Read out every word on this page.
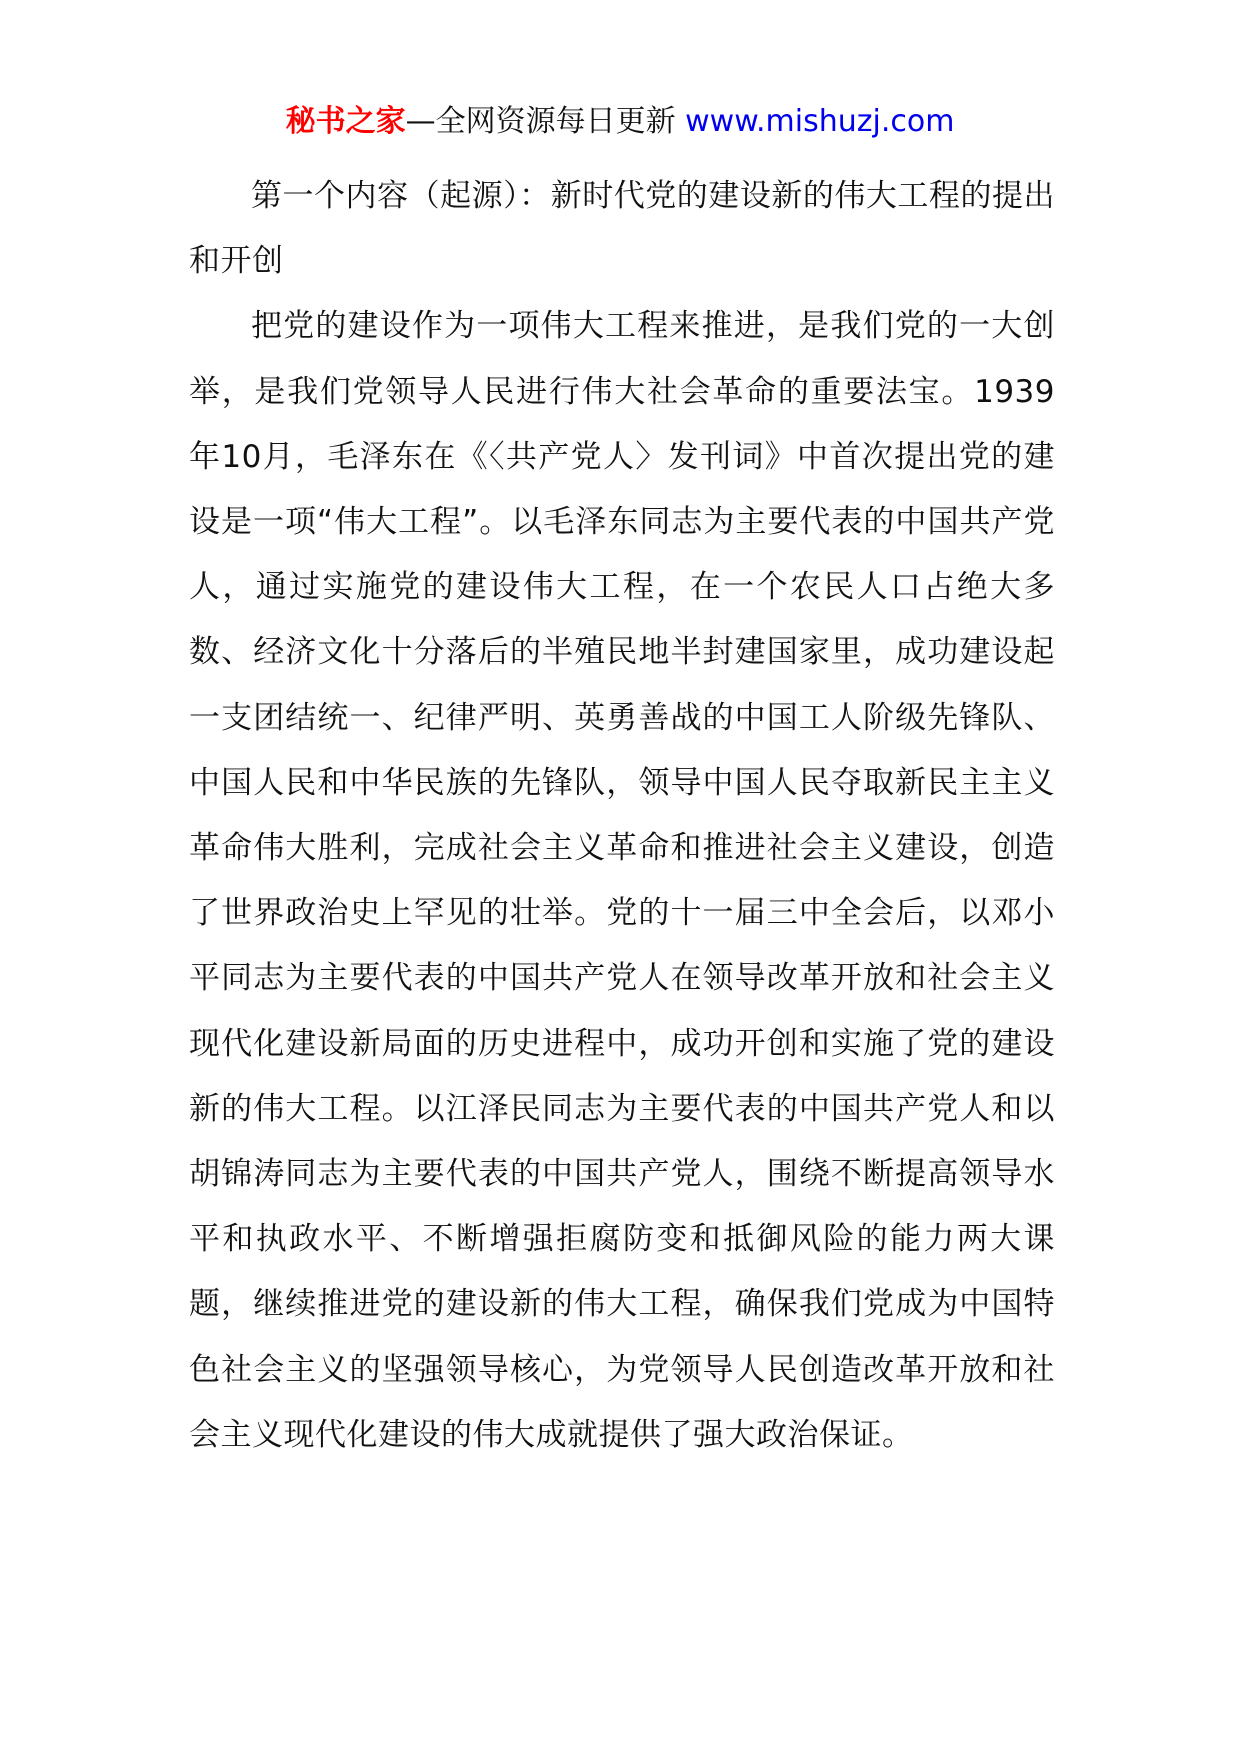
秘书之家—全网资源每日更新 www.mishuzj.com

第一个内容（起源）：新时代党的建设新的伟大工程的提出和开创

把党的建设作为一项伟大工程来推进，是我们党的一大创举，是我们党领导人民进行伟大社会革命的重要法宝。1939年10月，毛泽东在《〈共产党人〉发刊词》中首次提出党的建设是一项“伟大工程”。以毛泽东同志为主要代表的中国共产党人，通过实施党的建设伟大工程，在一个农民人口占绝大多数、经济文化十分落后的半殖民地半封建国家里，成功建设起一支团结统一、纪律严明、英勇善战的中国工人阶级先锋队、中国人民和中华民族的先锋队，领导中国人民夺取新民主主义革命伟大胜利，完成社会主义革命和推进社会主义建设，创造了世界政治史上罕见的壮举。党的十一届三中全会后，以邓小平同志为主要代表的中国共产党人在领导改革开放和社会主义现代化建设新局面的历史进程中，成功开创和实施了党的建设新的伟大工程。以江泽民同志为主要代表的中国共产党人和以胡锦涛同志为主要代表的中国共产党人，围绕不断提高领导水平和执政水平、不断增强拒腐防变和抵御风险的能力两大课题，继续推进党的建设新的伟大工程，确保我们党成为中国特色社会主义的坚强领导核心，为党领导人民创造改革开放和社会主义现代化建设的伟大成就提供了强大政治保证。
